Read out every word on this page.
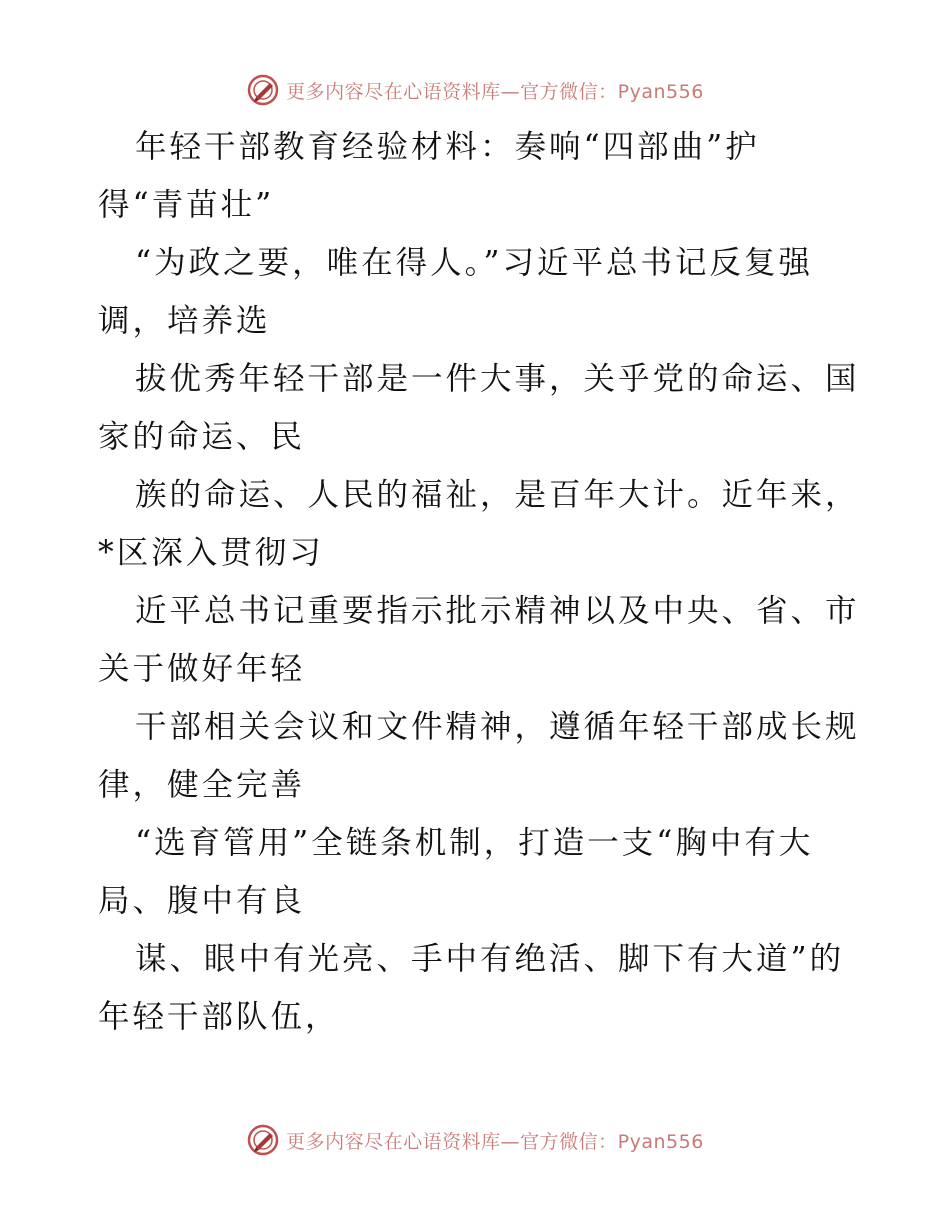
更多内容尽在心语资料库—官方微信：Pyan556
年轻干部教育经验材料：奏响“四部曲”护
得“青苗壮”
“为政之要，唯在得人。”习近平总书记反复强
调，培养选
拔优秀年轻干部是一件大事，关乎党的命运、国
家的命运、民
族的命运、人民的福祉，是百年大计。近年来，
*区深入贯彻习
近平总书记重要指示批示精神以及中央、省、市
关于做好年轻
干部相关会议和文件精神，遵循年轻干部成长规
律，健全完善
“选育管用”全链条机制，打造一支“胸中有大
局、腹中有良
谋、眼中有光亮、手中有绝活、脚下有大道”的
年轻干部队伍，
更多内容尽在心语资料库—官方微信：Pyan556
